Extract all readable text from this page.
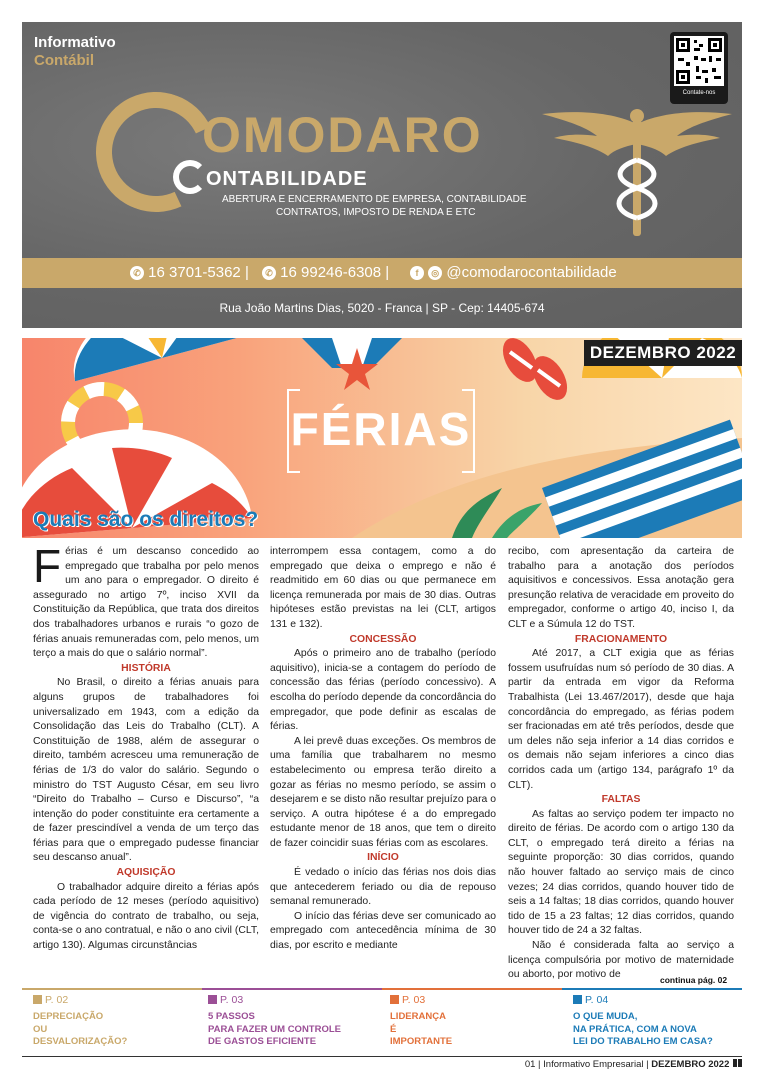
Informativo
Contábil
Contate-nos
OMODARO
ONTABILIDADE
ABERTURA E ENCERRAMENTO DE EMPRESA, CONTABILIDADE
CONTRATOS, IMPOSTO DE RENDA E ETC
✆ 16 3701-5362 |	✆ 16 99246-6308 |	f ◎ @comodarocontabilidade
Rua João Martins Dias, 5020 - Franca | SP - Cep: 14405-674
DEZEMBRO 2022
FÉRIAS
Quais são os direitos?

Férias é um descanso concedido ao empregado que trabalha por pelo menos um ano para o empregador. O direito é assegurado no artigo 7º, inciso XVII da Constituição da República, que trata dos direitos dos trabalhadores urbanos e rurais “o gozo de férias anuais remuneradas com, pelo menos, um terço a mais do que o salário normal”.

HISTÓRIA

No Brasil, o direito a férias anuais para alguns grupos de trabalhadores foi universalizado em 1943, com a edição da Consolidação das Leis do Trabalho (CLT). A Constituição de 1988, além de assegurar o direito, também acresceu uma remuneração de férias de 1/3 do valor do salário. Segundo o ministro do TST Augusto César, em seu livro “Direito do Trabalho – Curso e Discurso”, “a intenção do poder constituinte era certamente a de fazer prescindível a venda de um terço das férias para que o empregado pudesse financiar seu descanso anual”.

AQUISIÇÃO

O trabalhador adquire direito a férias após cada período de 12 meses (período aquisitivo) de vigência do contrato de trabalho, ou seja, conta-se o ano contratual, e não o ano civil (CLT, artigo 130). Algumas circunstâncias

interrompem essa contagem, como a do empregado que deixa o emprego e não é readmitido em 60 dias ou que permanece em licença remunerada por mais de 30 dias. Outras hipóteses estão previstas na lei (CLT, artigos 131 e 132).

CONCESSÃO

Após o primeiro ano de trabalho (período aquisitivo), inicia-se a contagem do período de concessão das férias (período concessivo). A escolha do período depende da concordância do empregador, que pode definir as escalas de férias.

A lei prevê duas exceções. Os membros de uma família que trabalharem no mesmo estabelecimento ou empresa terão direito a gozar as férias no mesmo período, se assim o desejarem e se disto não resultar prejuízo para o serviço. A outra hipótese é a do empregado estudante menor de 18 anos, que tem o direito de fazer coincidir suas férias com as escolares.

INÍCIO

É vedado o início das férias nos dois dias que antecederem feriado ou dia de repouso semanal remunerado.

O início das férias deve ser comunicado ao empregado com antecedência mínima de 30 dias, por escrito e mediante

recibo, com apresentação da carteira de trabalho para a anotação dos períodos aquisitivos e concessivos. Essa anotação gera presunção relativa de veracidade em proveito do empregador, conforme o artigo 40, inciso I, da CLT e a Súmula 12 do TST.

FRACIONAMENTO

Até 2017, a CLT exigia que as férias fossem usufruídas num só período de 30 dias. A partir da entrada em vigor da Reforma Trabalhista (Lei 13.467/2017), desde que haja concordância do empregado, as férias podem ser fracionadas em até três períodos, desde que um deles não seja inferior a 14 dias corridos e os demais não sejam inferiores a cinco dias corridos cada um (artigo 134, parágrafo 1º da CLT).

FALTAS

As faltas ao serviço podem ter impacto no direito de férias. De acordo com o artigo 130 da CLT, o empregado terá direito a férias na seguinte proporção: 30 dias corridos, quando não houver faltado ao serviço mais de cinco vezes; 24 dias corridos, quando houver tido de seis a 14 faltas; 18 dias corridos, quando houver tido de 15 a 23 faltas; 12 dias corridos, quando houver tido de 24 a 32 faltas.

Não é considerada falta ao serviço a licença compulsória por motivo de maternidade ou aborto, por motivo de	continua pág. 02
P. 02
DEPRECIAÇÃO
OU
DESVALORIZAÇÃO?
P. 03
5 PASSOS
PARA FAZER UM CONTROLE
DE GASTOS EFICIENTE
P. 03
LIDERANÇA
É
IMPORTANTE
P. 04
O QUE MUDA,
NA PRÁTICA, COM A NOVA
LEI DO TRABALHO EM CASA?
01 | Informativo Empresarial | DEZEMBRO 2022
